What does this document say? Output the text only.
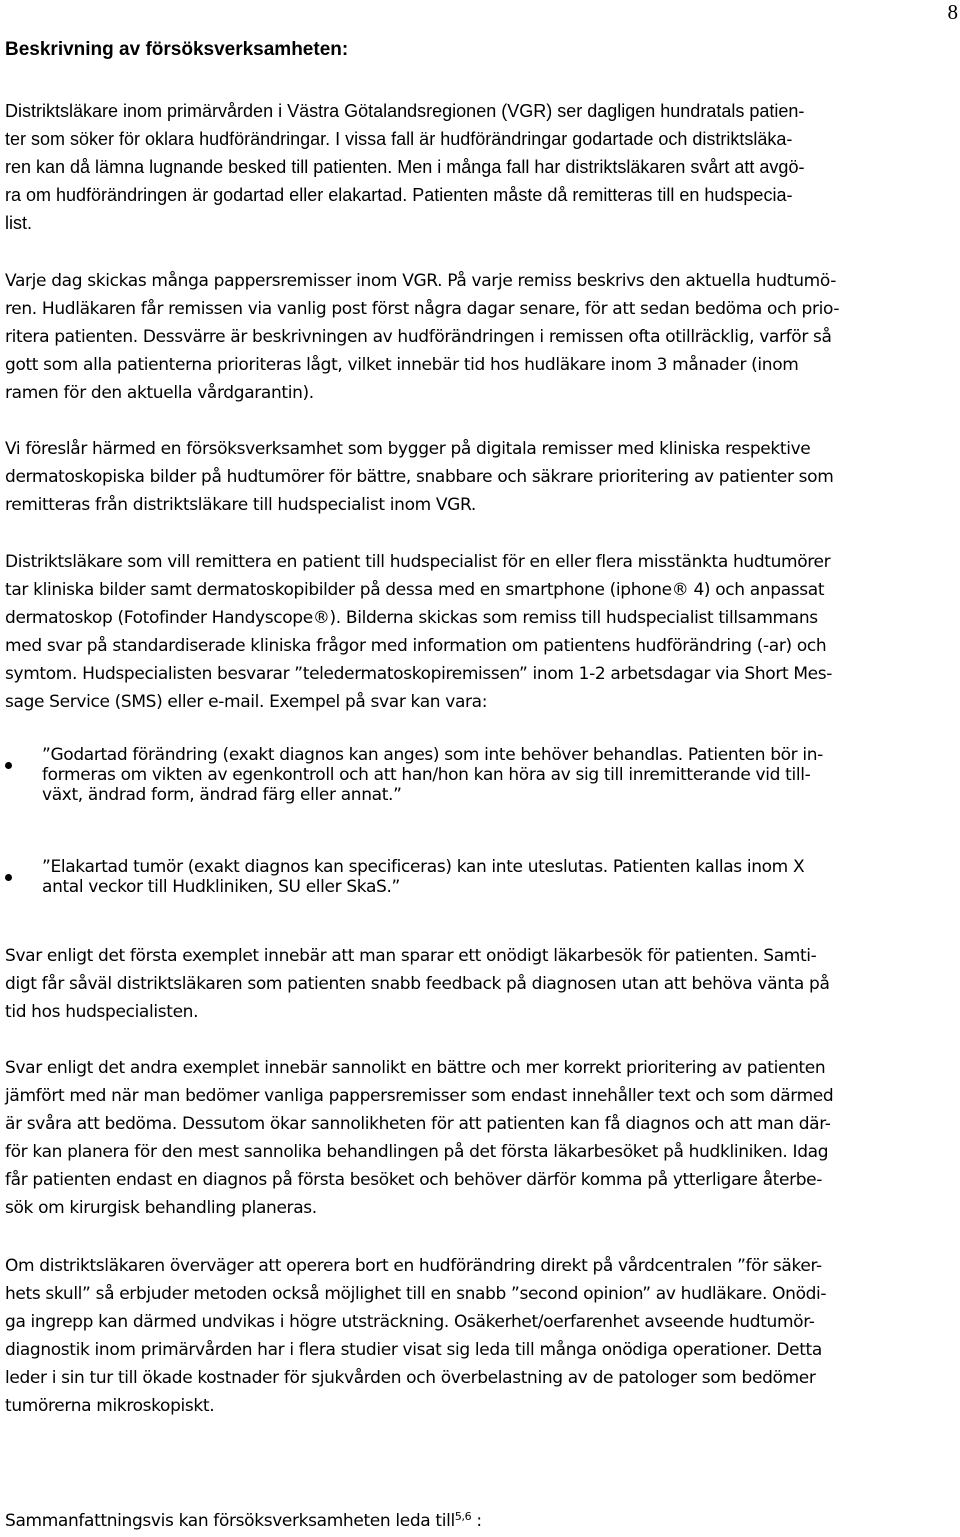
8
Beskrivning av försöksverksamheten:
Distriktsläkare inom primärvården i Västra Götalandsregionen (VGR) ser dagligen hundratals patien-
ter som söker för oklara hudförändringar. I vissa fall är hudförändringar godartade och distriktsläka-
ren kan då lämna lugnande besked till patienten. Men i många fall har distriktsläkaren svårt att avgö-
ra om hudförändringen är godartad eller elakartad. Patienten måste då remitteras till en hudspecia-
list.
Varje dag skickas många pappersremisser inom VGR. På varje remiss beskrivs den aktuella hudtumö-
ren. Hudläkaren får remissen via vanlig post först några dagar senare, för att sedan bedöma och prio-
ritera patienten. Dessvärre är beskrivningen av hudförändringen i remissen ofta otillräcklig, varför så
gott som alla patienterna prioriteras lågt, vilket innebär tid hos hudläkare inom 3 månader (inom
ramen för den aktuella vårdgarantin).
Vi föreslår härmed en försöksverksamhet som bygger på digitala remisser med kliniska respektive
dermatoskopiska bilder på hudtumörer för bättre, snabbare och säkrare prioritering av patienter som
remitteras från distriktsläkare till hudspecialist inom VGR.
Distriktsläkare som vill remittera en patient till hudspecialist för en eller flera misstänkta hudtumörer
tar kliniska bilder samt dermatoskopibilder på dessa med en smartphone (iphone® 4) och anpassat
dermatoskop (Fotofinder Handyscope®). Bilderna skickas som remiss till hudspecialist tillsammans
med svar på standardiserade kliniska frågor med information om patientens hudförändring (-ar) och
symtom. Hudspecialisten besvarar ”teledermatoskopiremissen” inom 1-2 arbetsdagar via Short Mes-
sage Service (SMS) eller e-mail. Exempel på svar kan vara:
”Godartad förändring (exakt diagnos kan anges) som inte behöver behandlas. Patienten bör in-
formeras om vikten av egenkontroll och att han/hon kan höra av sig till inremitterande vid till-
växt, ändrad form, ändrad färg eller annat.”
”Elakartad tumör (exakt diagnos kan specificeras) kan inte uteslutas. Patienten kallas inom X
antal veckor till Hudkliniken, SU eller SkaS.”
Svar enligt det första exemplet innebär att man sparar ett onödigt läkarbesök för patienten. Samti-
digt får såväl distriktsläkaren som patienten snabb feedback på diagnosen utan att behöva vänta på
tid hos hudspecialisten.
Svar enligt det andra exemplet innebär sannolikt en bättre och mer korrekt prioritering av patienten
jämfört med när man bedömer vanliga pappersremisser som endast innehåller text och som därmed
är svåra att bedöma. Dessutom ökar sannolikheten för att patienten kan få diagnos och att man där-
för kan planera för den mest sannolika behandlingen på det första läkarbesöket på hudkliniken. Idag
får patienten endast en diagnos på första besöket och behöver därför komma på ytterligare återbe-
sök om kirurgisk behandling planeras.
Om distriktsläkaren överväger att operera bort en hudförändring direkt på vårdcentralen ”för säker-
hets skull” så erbjuder metoden också möjlighet till en snabb ”second opinion” av hudläkare. Onödi-
ga ingrepp kan därmed undvikas i högre utsträckning. Osäkerhet/oerfarenhet avseende hudtumör-
diagnostik inom primärvården har i flera studier visat sig leda till många onödiga operationer. Detta
leder i sin tur till ökade kostnader för sjukvården och överbelastning av de patologer som bedömer
tumörerna mikroskopiskt.
Sammanfattningsvis kan försöksverksamheten leda till$^{5,6}$ :
